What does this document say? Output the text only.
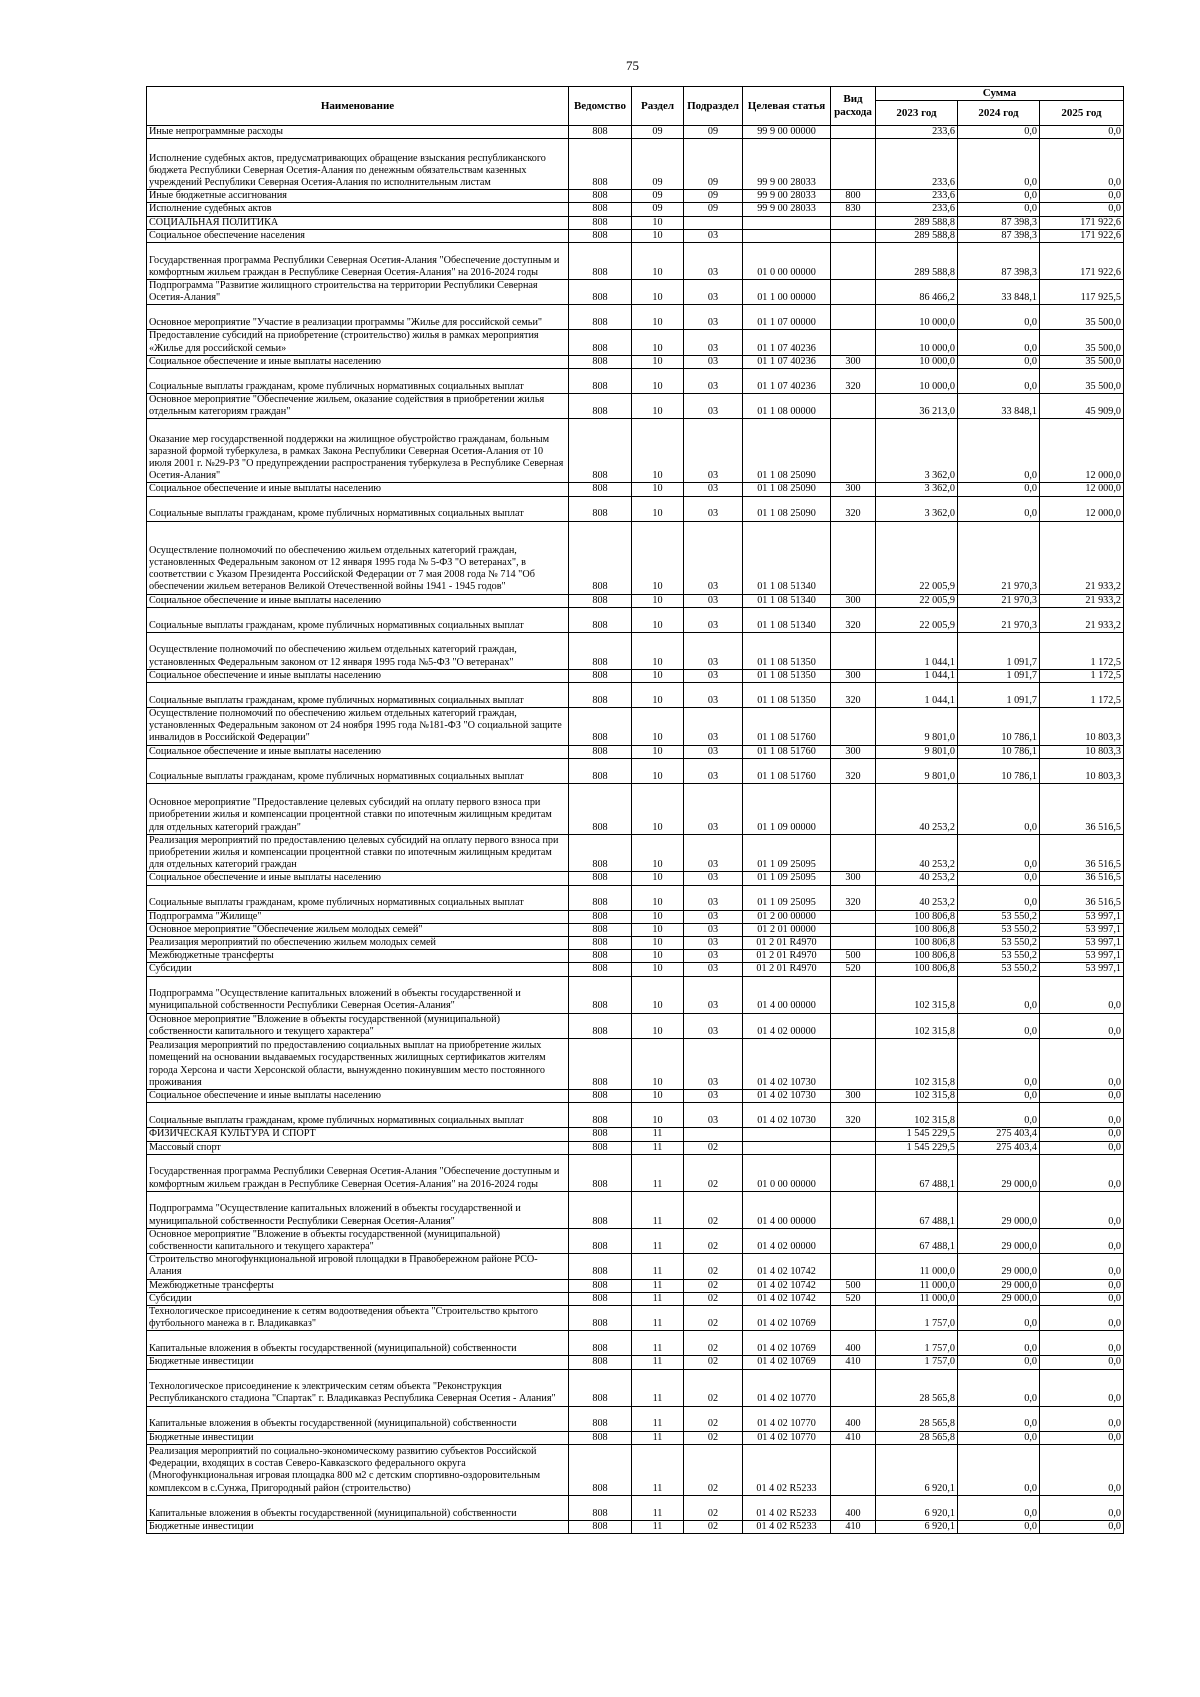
75
Наименование	Ведомство	Раздел	Подраздел	Целевая статья	Вид расхода	Сумма		
						2023 год	2024 год	2025 год
Иные непрограммные расходы	808	09	09	99 9 00 00000		233,6	0,0	0,0
Исполнение судебных актов, предусматривающих обращение взыскания республиканского бюджета Республики Северная Осетия-Алания по денежным обязательствам казенных учреждений Республики Северная Осетия-Алания по исполнительным листам	808	09	09	99 9 00 28033		233,6	0,0	0,0
Иные бюджетные ассигнования	808	09	09	99 9 00 28033	800	233,6	0,0	0,0
Исполнение судебных актов	808	09	09	99 9 00 28033	830	233,6	0,0	0,0
СОЦИАЛЬНАЯ ПОЛИТИКА	808	10				289 588,8	87 398,3	171 922,6
Социальное обеспечение населения	808	10	03			289 588,8	87 398,3	171 922,6
Государственная программа Республики Северная Осетия-Алания "Обеспечение доступным и комфортным жильем граждан в Республике Северная Осетия-Алания" на 2016-2024 годы	808	10	03	01 0 00 00000		289 588,8	87 398,3	171 922,6
Подпрограмма "Развитие жилищного строительства на территории Республики Северная Осетия-Алания"	808	10	03	01 1 00 00000		86 466,2	33 848,1	117 925,5
Основное мероприятие "Участие в реализации программы "Жилье для российской семьи"	808	10	03	01 1 07 00000		10 000,0	0,0	35 500,0
Предоставление субсидий на приобретение (строительство) жилья в рамках мероприятия «Жилье для российской семьи»	808	10	03	01 1 07 40236		10 000,0	0,0	35 500,0
Социальное обеспечение и иные выплаты населению	808	10	03	01 1 07 40236	300	10 000,0	0,0	35 500,0
Социальные выплаты гражданам, кроме публичных нормативных социальных выплат	808	10	03	01 1 07 40236	320	10 000,0	0,0	35 500,0
Основное мероприятие "Обеспечение жильем, оказание содействия в приобретении жилья отдельным категориям граждан"	808	10	03	01 1 08 00000		36 213,0	33 848,1	45 909,0
Оказание мер государственной поддержки на жилищное обустройство гражданам, больным заразной формой туберкулеза, в рамках Закона Республики Северная Осетия-Алания от 10 июля 2001 г. №29-РЗ "О предупреждении распространения туберкулеза в Республике Северная Осетия-Алания"	808	10	03	01 1 08 25090		3 362,0	0,0	12 000,0
Социальное обеспечение и иные выплаты населению	808	10	03	01 1 08 25090	300	3 362,0	0,0	12 000,0
Социальные выплаты гражданам, кроме публичных нормативных социальных выплат	808	10	03	01 1 08 25090	320	3 362,0	0,0	12 000,0
Осуществление полномочий по обеспечению жильем отдельных категорий граждан, установленных Федеральным законом от 12 января 1995 года № 5-ФЗ "О ветеранах", в соответствии с Указом Президента Российской Федерации от 7 мая 2008 года № 714 "Об обеспечении жильем ветеранов Великой Отечественной войны 1941 - 1945 годов"	808	10	03	01 1 08 51340		22 005,9	21 970,3	21 933,2
Социальное обеспечение и иные выплаты населению	808	10	03	01 1 08 51340	300	22 005,9	21 970,3	21 933,2
Социальные выплаты гражданам, кроме публичных нормативных социальных выплат	808	10	03	01 1 08 51340	320	22 005,9	21 970,3	21 933,2
Осуществление полномочий по обеспечению жильем отдельных категорий граждан, установленных Федеральным законом от 12 января 1995 года №5-ФЗ "О ветеранах"	808	10	03	01 1 08 51350		1 044,1	1 091,7	1 172,5
Социальное обеспечение и иные выплаты населению	808	10	03	01 1 08 51350	300	1 044,1	1 091,7	1 172,5
Социальные выплаты гражданам, кроме публичных нормативных социальных выплат	808	10	03	01 1 08 51350	320	1 044,1	1 091,7	1 172,5
Осуществление полномочий по обеспечению жильем отдельных категорий граждан, установленных Федеральным законом от 24 ноября 1995 года №181-ФЗ "О социальной защите инвалидов в Российской Федерации"	808	10	03	01 1 08 51760		9 801,0	10 786,1	10 803,3
Социальное обеспечение и иные выплаты населению	808	10	03	01 1 08 51760	300	9 801,0	10 786,1	10 803,3
Социальные выплаты гражданам, кроме публичных нормативных социальных выплат	808	10	03	01 1 08 51760	320	9 801,0	10 786,1	10 803,3
Основное мероприятие "Предоставление целевых субсидий на оплату первого взноса при приобретении жилья и компенсации процентной ставки по ипотечным жилищным кредитам для отдельных категорий граждан"	808	10	03	01 1 09 00000		40 253,2	0,0	36 516,5
Реализация мероприятий по предоставлению целевых субсидий на оплату первого взноса при приобретении жилья и компенсации процентной ставки по ипотечным жилищным кредитам для отдельных категорий граждан	808	10	03	01 1 09 25095		40 253,2	0,0	36 516,5
Социальное обеспечение и иные выплаты населению	808	10	03	01 1 09 25095	300	40 253,2	0,0	36 516,5
Социальные выплаты гражданам, кроме публичных нормативных социальных выплат	808	10	03	01 1 09 25095	320	40 253,2	0,0	36 516,5
Подпрограмма "Жилище"	808	10	03	01 2 00 00000		100 806,8	53 550,2	53 997,1
Основное мероприятие "Обеспечение жильем молодых семей"	808	10	03	01 2 01 00000		100 806,8	53 550,2	53 997,1
Реализация мероприятий по обеспечению жильем молодых семей	808	10	03	01 2 01 R4970		100 806,8	53 550,2	53 997,1
Межбюджетные трансферты	808	10	03	01 2 01 R4970	500	100 806,8	53 550,2	53 997,1
Субсидии	808	10	03	01 2 01 R4970	520	100 806,8	53 550,2	53 997,1
Подпрограмма "Осуществление капитальных вложений в объекты государственной и муниципальной собственности Республики Северная Осетия-Алания"	808	10	03	01 4 00 00000		102 315,8	0,0	0,0
Основное мероприятие "Вложение в объекты государственной (муниципальной) собственности капитального и текущего характера"	808	10	03	01 4 02 00000		102 315,8	0,0	0,0
Реализация мероприятий по предоставлению социальных выплат на приобретение жилых помещений на основании выдаваемых государственных жилищных сертификатов жителям города Херсона и части Херсонской области, вынужденно покинувшим место постоянного проживания	808	10	03	01 4 02 10730		102 315,8	0,0	0,0
Социальное обеспечение и иные выплаты населению	808	10	03	01 4 02 10730	300	102 315,8	0,0	0,0
Социальные выплаты гражданам, кроме публичных нормативных социальных выплат	808	10	03	01 4 02 10730	320	102 315,8	0,0	0,0
ФИЗИЧЕСКАЯ КУЛЬТУРА И СПОРТ	808	11				1 545 229,5	275 403,4	0,0
Массовый спорт	808	11	02			1 545 229,5	275 403,4	0,0
Государственная программа Республики Северная Осетия-Алания "Обеспечение доступным и комфортным жильем граждан в Республике Северная Осетия-Алания" на 2016-2024 годы	808	11	02	01 0 00 00000		67 488,1	29 000,0	0,0
Подпрограмма "Осуществление капитальных вложений в объекты государственной и муниципальной собственности Республики Северная Осетия-Алания"	808	11	02	01 4 00 00000		67 488,1	29 000,0	0,0
Основное мероприятие "Вложение в объекты государственной (муниципальной) собственности капитального и текущего характера"	808	11	02	01 4 02 00000		67 488,1	29 000,0	0,0
Строительство многофункциональной игровой площадки в Правобережном районе РСО-Алания	808	11	02	01 4 02 10742		11 000,0	29 000,0	0,0
Межбюджетные трансферты	808	11	02	01 4 02 10742	500	11 000,0	29 000,0	0,0
Субсидии	808	11	02	01 4 02 10742	520	11 000,0	29 000,0	0,0
Технологическое присоединение к сетям водоотведения объекта "Строительство крытого футбольного манежа в г. Владикавказ"	808	11	02	01 4 02 10769		1 757,0	0,0	0,0
Капитальные вложения в объекты государственной (муниципальной) собственности	808	11	02	01 4 02 10769	400	1 757,0	0,0	0,0
Бюджетные инвестиции	808	11	02	01 4 02 10769	410	1 757,0	0,0	0,0
Технологическое присоединение к электрическим сетям объекта "Реконструкция Республиканского стадиона "Спартак" г. Владикавказ Республика Северная Осетия - Алания"	808	11	02	01 4 02 10770		28 565,8	0,0	0,0
Капитальные вложения в объекты государственной (муниципальной) собственности	808	11	02	01 4 02 10770	400	28 565,8	0,0	0,0
Бюджетные инвестиции	808	11	02	01 4 02 10770	410	28 565,8	0,0	0,0
Реализация мероприятий по социально-экономическому развитию субъектов Российской Федерации, входящих в состав Северо-Кавказского федерального округа (Многофункциональная игровая площадка 800 м2 с детским спортивно-оздоровительным комплексом в с.Сунжа, Пригородный район (строительство)	808	11	02	01 4 02 R5233		6 920,1	0,0	0,0
Капитальные вложения в объекты государственной (муниципальной) собственности	808	11	02	01 4 02 R5233	400	6 920,1	0,0	0,0
Бюджетные инвестиции	808	11	02	01 4 02 R5233	410	6 920,1	0,0	0,0
